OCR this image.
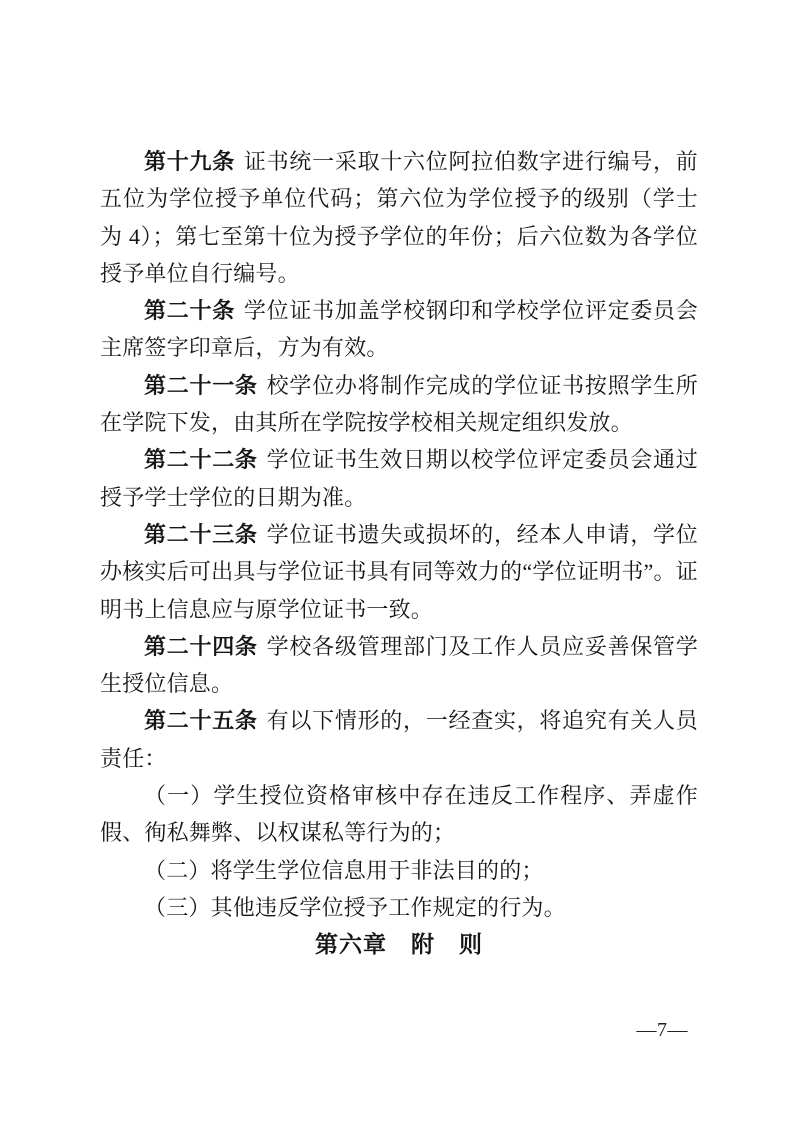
第十九条 证书统一采取十六位阿拉伯数字进行编号，前五位为学位授予单位代码；第六位为学位授予的级别（学士为 4）；第七至第十位为授予学位的年份；后六位数为各学位授予单位自行编号。

第二十条 学位证书加盖学校钢印和学校学位评定委员会主席签字印章后，方为有效。

第二十一条 校学位办将制作完成的学位证书按照学生所在学院下发，由其所在学院按学校相关规定组织发放。

第二十二条 学位证书生效日期以校学位评定委员会通过授予学士学位的日期为准。

第二十三条 学位证书遗失或损坏的，经本人申请，学位办核实后可出具与学位证书具有同等效力的“学位证明书”。证明书上信息应与原学位证书一致。

第二十四条 学校各级管理部门及工作人员应妥善保管学生授位信息。

第二十五条 有以下情形的，一经查实，将追究有关人员责任：

（一）学生授位资格审核中存在违反工作程序、弄虚作假、徇私舞弊、以权谋私等行为的；

（二）将学生学位信息用于非法目的的；

（三）其他违反学位授予工作规定的行为。

第六章　附　则
—7—
